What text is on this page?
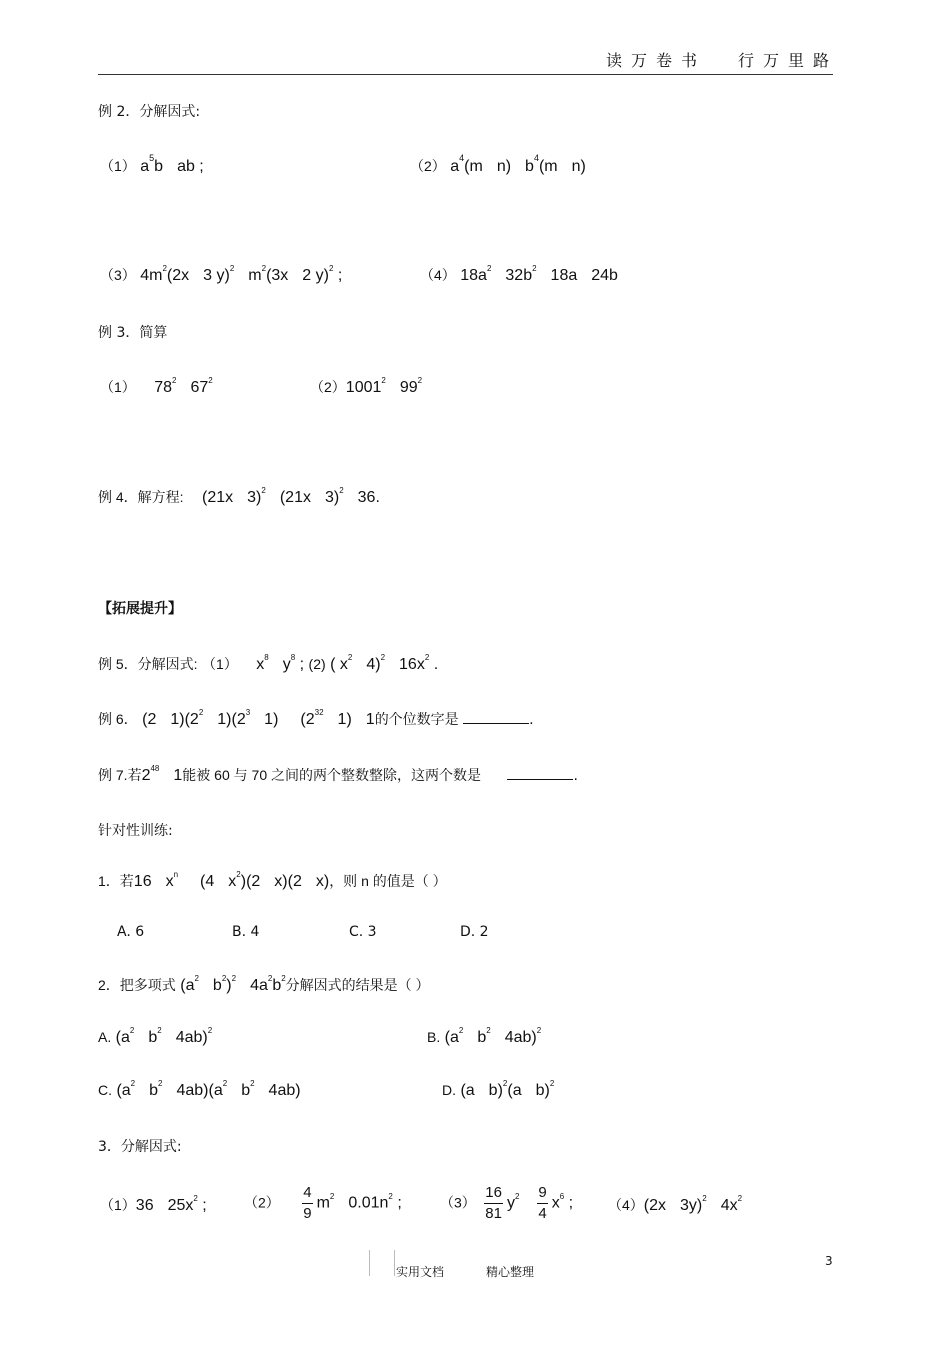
读万卷书 行万里路
例 2．分解因式:
（1） $a^5b$ ab ;	（2） $a^4(m$ n) $b^4(m$ n)
（3） $4m^2(2x$ 3 y)$^2$ $m^2(3x$ 2 y)$^2$ ;	（4） $18a^2$ $32b^2$ 18a 24b
例 3．简算
（1） $78^2$ $67^2$	（2）1001$^2$ $99^2$
例 4．解方程: (21x 3)$^2$ (21x 3)$^2$ 36.
【拓展提升】
例 5．分解因式: （1） $x^8$ $y^8$ ; (2) ( $x^2$ 4)$^2$ $16x^2$ .
例 6． (2 $1)(2^2$ $1)(2^3$ 1) ($2^{32}$ 1) 1的个位数字是	.
例 7.若$2^{48}$ 1能被 60 与 70 之间的两个整数整除，这两个数是	.
针对性训练:
1．若16 $x^n$ (4 $x^2)(2$ x)(2 x)，则 n 的值是（ ）
A. 6	B. 4	C. 3	D. 2
2．把多项式 ($a^2$ $b^2)^2$ $4a^2b^2$分解因式的结果是（ ）
A. ($a^2$ $b^2$ 4ab)$^2$	B. ($a^2$ $b^2$ 4ab)$^2$
C. ($a^2$ $b^2$ $4ab)(a^2$ $b^2$ 4ab)	D. (a b)$^2$(a b)$^2$
3．分解因式:
（1）36 $25x^2$ ;	$(2) \frac{4}{9} m^2$ $0.01n^2$ ;	$(3) \frac{16}{81} y^2 \frac{9}{4} x^6$ ; （4）(2x 3y)$^2$ $4x^2$
实用文档	精心整理
3
